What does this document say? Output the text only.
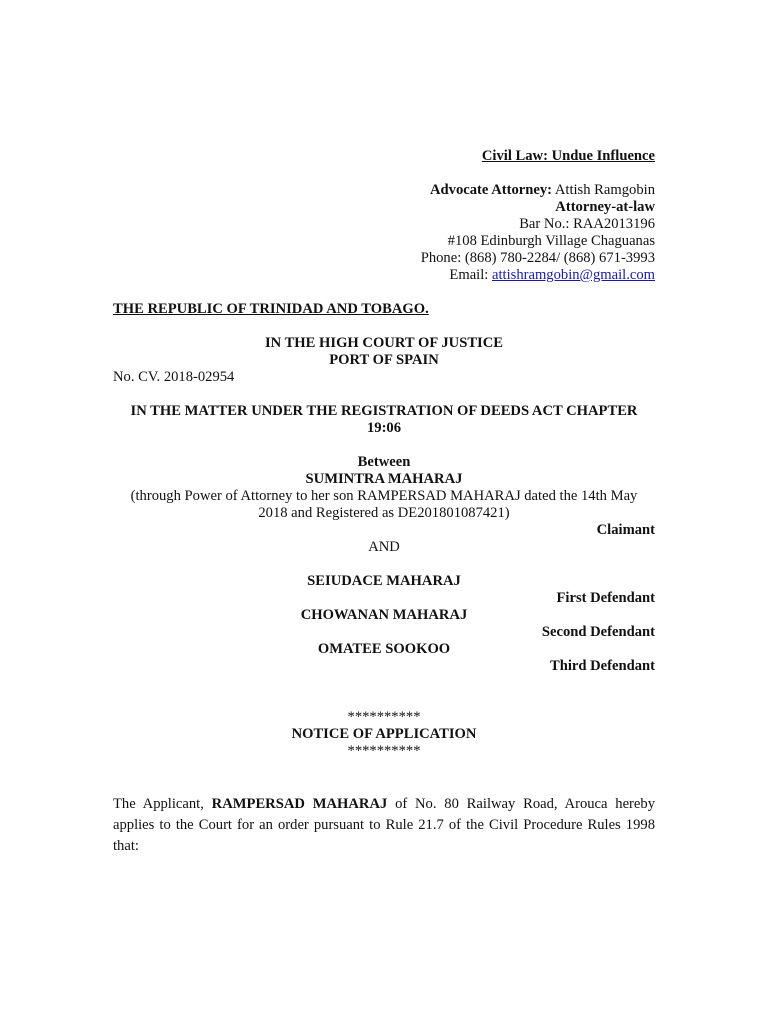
Civil Law: Undue Influence
Advocate Attorney: Attish Ramgobin
Attorney-at-law
Bar No.: RAA2013196
#108 Edinburgh Village Chaguanas
Phone: (868) 780-2284/ (868) 671-3993
Email: attishramgobin@gmail.com
THE REPUBLIC OF TRINIDAD AND TOBAGO.
IN THE HIGH COURT OF JUSTICE
PORT OF SPAIN
No. CV. 2018-02954
IN THE MATTER UNDER THE REGISTRATION OF DEEDS ACT CHAPTER
19:06
Between
SUMINTRA MAHARAJ
(through Power of Attorney to her son RAMPERSAD MAHARAJ dated the 14th May
2018 and Registered as DE201801087421)
Claimant
AND
SEIUDACE MAHARAJ
First Defendant
CHOWANAN MAHARAJ
Second Defendant
OMATEE SOOKOO
Third Defendant
**********
NOTICE OF APPLICATION
**********
The Applicant, RAMPERSAD MAHARAJ of No. 80 Railway Road, Arouca hereby applies to the Court for an order pursuant to Rule 21.7 of the Civil Procedure Rules 1998 that:
